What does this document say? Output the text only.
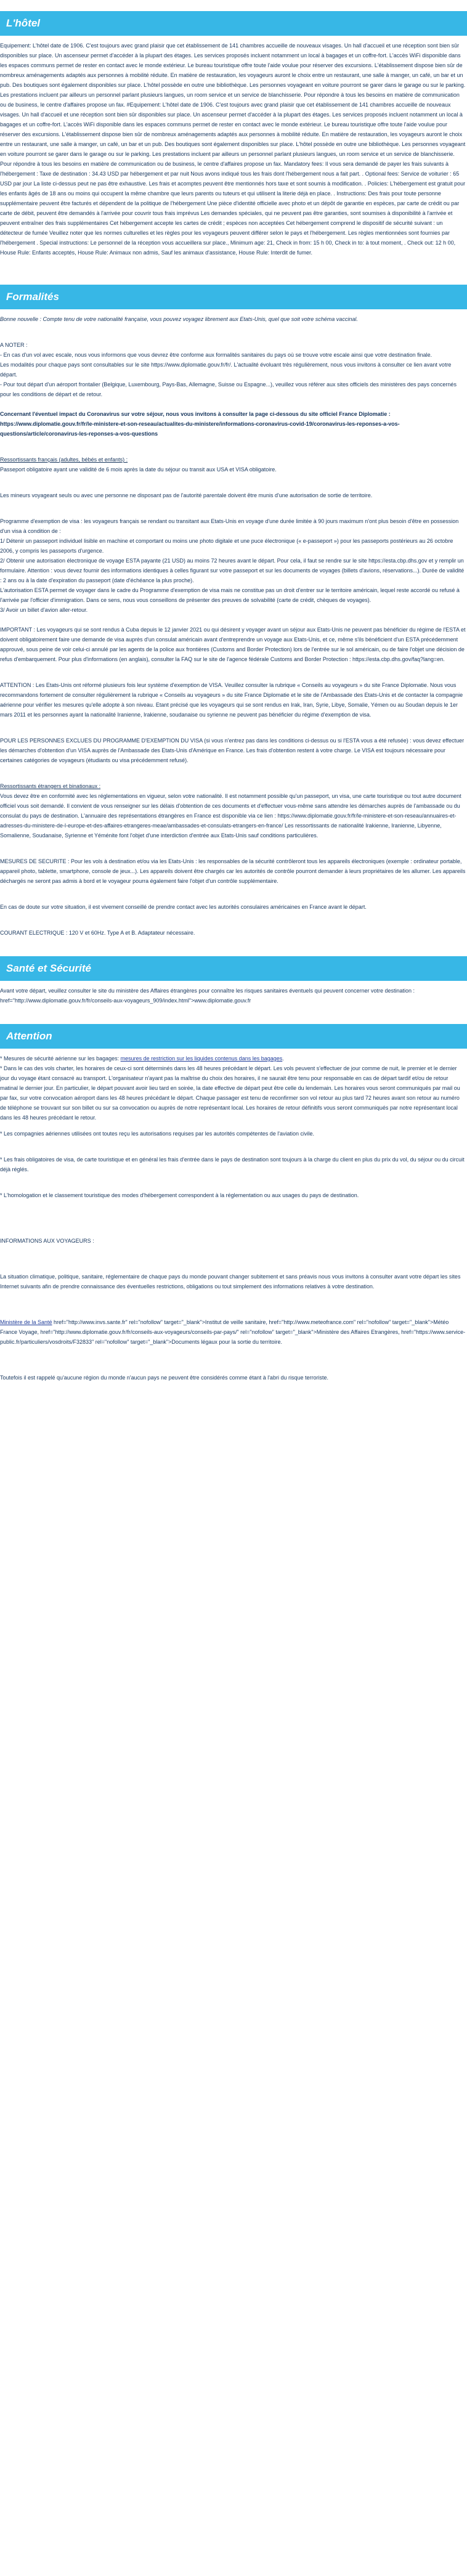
L'hôtel

Equipement: L'hôtel date de 1906. C'est toujours avec grand plaisir que cet établissement de 141 chambres accueille de nouveaux visages. Un hall d'accueil et une réception sont bien sûr disponibles sur place. Un ascenseur permet d'accéder à la plupart des étages. Les services proposés incluent notamment un local à bagages et un coffre-fort. L'accès WiFi disponible dans les espaces communs permet de rester en contact avec le monde extérieur. Le bureau touristique offre toute l'aide voulue pour réserver des excursions. L'établissement dispose bien sûr de nombreux aménagements adaptés aux personnes à mobilité réduite. En matière de restauration, les voyageurs auront le choix entre un restaurant, une salle à manger, un café, un bar et un pub. Des boutiques sont également disponibles sur place. L'hôtel possède en outre une bibliothèque. Les personnes voyageant en voiture pourront se garer dans le garage ou sur le parking. Les prestations incluent par ailleurs un personnel parlant plusieurs langues, un room service et un service de blanchisserie. Pour répondre à tous les besoins en matière de communication ou de business, le centre d'affaires propose un fax. #Equipement: L'hôtel date de 1906. C'est toujours avec grand plaisir que cet établissement de 141 chambres accueille de nouveaux visages. Un hall d'accueil et une réception sont bien sûr disponibles sur place. Un ascenseur permet d'accéder à la plupart des étages. Les services proposés incluent notamment un local à bagages et un coffre-fort. L'accès WiFi disponible dans les espaces communs permet de rester en contact avec le monde extérieur. Le bureau touristique offre toute l'aide voulue pour réserver des excursions. L'établissement dispose bien sûr de nombreux aménagements adaptés aux personnes à mobilité réduite. En matière de restauration, les voyageurs auront le choix entre un restaurant, une salle à manger, un café, un bar et un pub. Des boutiques sont également disponibles sur place. L'hôtel possède en outre une bibliothèque. Les personnes voyageant en voiture pourront se garer dans le garage ou sur le parking. Les prestations incluent par ailleurs un personnel parlant plusieurs langues, un room service et un service de blanchisserie. Pour répondre à tous les besoins en matière de communication ou de business, le centre d'affaires propose un fax. Mandatory fees: Il vous sera demandé de payer les frais suivants à l'hébergement : Taxe de destination : 34.43 USD par hébergement et par nuit Nous avons indiqué tous les frais dont l'hébergement nous a fait part. . Optional fees: Service de voiturier : 65 USD par jour La liste ci-dessus peut ne pas être exhaustive. Les frais et acomptes peuvent être mentionnés hors taxe et sont soumis à modification. . Policies: L'hébergement est gratuit pour les enfants âgés de 18 ans ou moins qui occupent la même chambre que leurs parents ou tuteurs et qui utilisent la literie déjà en place. . Instructions: Des frais pour toute personne supplémentaire peuvent être facturés et dépendent de la politique de l'hébergement Une pièce d'identité officielle avec photo et un dépôt de garantie en espèces, par carte de crédit ou par carte de débit, peuvent être demandés à l'arrivée pour couvrir tous frais imprévus Les demandes spéciales, qui ne peuvent pas être garanties, sont soumises à disponibilité à l'arrivée et peuvent entraîner des frais supplémentaires Cet hébergement accepte les cartes de crédit ; espèces non acceptées Cet hébergement comprend le dispositif de sécurité suivant : un détecteur de fumée Veuillez noter que les normes culturelles et les règles pour les voyageurs peuvent différer selon le pays et l'hébergement. Les règles mentionnées sont fournies par l'hébergement . Special instructions: Le personnel de la réception vous accueillera sur place., Minimum age: 21, Check in from: 15 h 00, Check in to: à tout moment, . Check out: 12 h 00, House Rule: Enfants acceptés, House Rule: Animaux non admis, Sauf les animaux d'assistance, House Rule: Interdit de fumer.

Formalités

Bonne nouvelle : Compte tenu de votre nationalité française, vous pouvez voyagez librement aux Etats-Unis, quel que soit votre schéma vaccinal.

A NOTER :
- En cas d'un vol avec escale, nous vous informons que vous devrez être conforme aux formalités sanitaires du pays où se trouve votre escale ainsi que votre destination finale.
Les modalités pour chaque pays sont consultables sur le site https://www.diplomatie.gouv.fr/fr/. L'actualité évoluant très régulièrement, nous vous invitons à consulter ce lien avant votre départ.
- Pour tout départ d'un aéroport frontalier (Belgique, Luxembourg, Pays-Bas, Allemagne, Suisse ou Espagne...), veuillez vous référer aux sites officiels des ministères des pays concernés pour les conditions de départ et de retour.

Concernant l'éventuel impact du Coronavirus sur votre séjour, nous vous invitons à consulter la page ci-dessous du site officiel France Diplomatie : https://www.diplomatie.gouv.fr/fr/le-ministere-et-son-reseau/actualites-du-ministere/informations-coronavirus-covid-19/coronavirus-les-reponses-a-vos-questions/article/coronavirus-les-reponses-a-vos-questions

Ressortissants français (adultes, bébés et enfants) :

Passeport obligatoire ayant une validité de 6 mois après la date du séjour ou transit aux USA et VISA obligatoire.

Les mineurs voyageant seuls ou avec une personne ne disposant pas de l'autorité parentale doivent être munis d'une autorisation de sortie de territoire.

Programme d'exemption de visa : les voyageurs français se rendant ou transitant aux Etats-Unis en voyage d'une durée limitée à 90 jours maximum n'ont plus besoin d'être en possession d'un visa à condition de :
1/ Détenir un passeport individuel lisible en machine et comportant ou moins une photo digitale et une puce électronique (« e-passeport ») pour les passeports postérieurs au 26 octobre 2006, y compris les passeports d'urgence.
2/ Obtenir une autorisation électronique de voyage ESTA payante (21 USD) au moins 72 heures avant le départ. Pour cela, il faut se rendre sur le site https://esta.cbp.dhs.gov et y remplir un formulaire. Attention : vous devez fournir des informations identiques à celles figurant sur votre passeport et sur les documents de voyages (billets d'avions, réservations...). Durée de validité : 2 ans ou à la date d'expiration du passeport (date d'échéance la plus proche).
L'autorisation ESTA permet de voyager dans le cadre du Programme d'exemption de visa mais ne constitue pas un droit d'entrer sur le territoire américain, lequel reste accordé ou refusé à l'arrivée par l'officier d'immigration. Dans ce sens, nous vous conseillons de présenter des preuves de solvabilité (carte de crédit, chèques de voyages).
3/ Avoir un billet d'avion aller-retour.

IMPORTANT : Les voyageurs qui se sont rendus à Cuba depuis le 12 janvier 2021 ou qui désirent y voyager avant un séjour aux Etats-Unis ne peuvent pas bénéficier du régime de l'ESTA et doivent obligatoirement faire une demande de visa auprès d'un consulat américain avant d'entreprendre un voyage aux Etats-Unis, et ce, même s'ils bénéficient d'un ESTA précédemment approuvé, sous peine de voir celui-ci annulé par les agents de la police aux frontières (Customs and Border Protection) lors de l'entrée sur le sol américain, ou de faire l'objet une décision de refus d'embarquement. Pour plus d'informations (en anglais), consulter la FAQ sur le site de l'agence fédérale Customs and Border Protection : https://esta.cbp.dhs.gov/faq?lang=en.

ATTENTION : Les Etats-Unis ont réformé plusieurs fois leur système d'exemption de VISA. Veuillez consulter la rubrique « Conseils au voyageurs » du site France Diplomatie. Nous vous recommandons fortement de consulter régulièrement la rubrique « Conseils au voyageurs » du site France Diplomatie et le site de l'Ambassade des Etats-Unis et de contacter la compagnie aérienne pour vérifier les mesures qu'elle adopte à son niveau. Etant précisé que les voyageurs qui se sont rendus en Irak, Iran, Syrie, Libye, Somalie, Yémen ou au Soudan depuis le 1er mars 2011 et les personnes ayant la nationalité Iranienne, Irakienne, soudanaise ou syrienne ne peuvent pas bénéficier du régime d'exemption de visa.

POUR LES PERSONNES EXCLUES DU PROGRAMME D'EXEMPTION DU VISA (si vous n'entrez pas dans les conditions ci-dessus ou si l'ESTA vous a été refusée) : vous devez effectuer les démarches d'obtention d'un VISA auprès de l'Ambassade des Etats-Unis d'Amérique en France. Les frais d'obtention restent à votre charge. Le VISA est toujours nécessaire pour certaines catégories de voyageurs (étudiants ou visa précédemment refusé).

Ressortissants étrangers et binationaux :

Vous devez être en conformité avec les réglementations en vigueur, selon votre nationalité. Il est notamment possible qu'un passeport, un visa, une carte touristique ou tout autre document officiel vous soit demandé. Il convient de vous renseigner sur les délais d'obtention de ces documents et d'effectuer vous-même sans attendre les démarches auprès de l'ambassade ou du consulat du pays de destination. L'annuaire des représentations étrangères en France est disponible via ce lien : https://www.diplomatie.gouv.fr/fr/le-ministere-et-son-reseau/annuaires-et-adresses-du-ministere-de-l-europe-et-des-affaires-etrangeres-meae/ambassades-et-consulats-etrangers-en-france/ Les ressortissants de nationalité Irakienne, Iranienne, Libyenne, Somalienne, Soudanaise, Syrienne et Yéménite font l'objet d'une interdiction d'entrée aux Etats-Unis sauf conditions particulières.

MESURES DE SECURITE : Pour les vols à destination et/ou via les Etats-Unis : les responsables de la sécurité contrôleront tous les appareils électroniques (exemple : ordinateur portable, appareil photo, tablette, smartphone, console de jeux...). Les appareils doivent être chargés car les autorités de contrôle pourront demander à leurs propriétaires de les allumer. Les appareils déchargés ne seront pas admis à bord et le voyageur pourra également faire l'objet d'un contrôle supplémentaire.

En cas de doute sur votre situation, il est vivement conseillé de prendre contact avec les autorités consulaires américaines en France avant le départ.

COURANT ELECTRIQUE : 120 V et 60Hz. Type A et B. Adaptateur nécessaire.

Santé et Sécurité

Avant votre départ, veuillez consulter le site du ministère des Affaires étrangères pour connaître les risques sanitaires éventuels qui peuvent concerner votre destination : href="http://www.diplomatie.gouv.fr/fr/conseils-aux-voyageurs_909/index.html">www.diplomatie.gouv.fr

Attention
* Mesures de sécurité aérienne sur les bagages: mesures de restriction sur les liquides contenus dans les bagages.

* Dans le cas des vols charter, les horaires de ceux-ci sont déterminés dans les 48 heures précédant le départ. Les vols peuvent s'effectuer de jour comme de nuit, le premier et le dernier jour du voyage étant consacré au transport. L'organisateur n'ayant pas la maîtrise du choix des horaires, il ne saurait être tenu pour responsable en cas de départ tardif et/ou de retour matinal le dernier jour. En particulier, le départ pouvant avoir lieu tard en soirée, la date effective de départ peut être celle du lendemain. Les horaires vous seront communiqués par mail ou par fax, sur votre convocation aéroport dans les 48 heures précédant le départ. Chaque passager est tenu de reconfirmer son vol retour au plus tard 72 heures avant son retour au numéro de téléphone se trouvant sur son billet ou sur sa convocation ou auprès de notre représentant local. Les horaires de retour définitifs vous seront communiqués par notre représentant local dans les 48 heures précédant le retour.

* Les compagnies aériennes utilisées ont toutes reçu les autorisations requises par les autorités compétentes de l'aviation civile.

* Les frais obligatoires de visa, de carte touristique et en général les frais d'entrée dans le pays de destination sont toujours à la charge du client en plus du prix du vol, du séjour ou du circuit déjà réglés.

* L'homologation et le classement touristique des modes d'hébergement correspondent à la réglementation ou aux usages du pays de destination.

INFORMATIONS AUX VOYAGEURS :

La situation climatique, politique, sanitaire, réglementaire de chaque pays du monde pouvant changer subitement et sans préavis nous vous invitons à consulter avant votre départ les sites Internet suivants afin de prendre connaissance des éventuelles restrictions, obligations ou tout simplement des informations relatives à votre destination.

Ministère de la Santé href="http://www.invs.sante.fr" rel="nofollow" target="_blank">Institut de veille sanitaire, href="http://www.meteofrance.com" rel="nofollow" target="_blank">Météo France Voyage, href="http://www.diplomatie.gouv.fr/fr/conseils-aux-voyageurs/conseils-par-pays/" rel="nofollow" target="_blank">Ministère des Affaires Etrangères, href="https://www.service-public.fr/particuliers/vosdroits/F32833" rel="nofollow" target="_blank">Documents légaux pour la sortie du territoire.

Toutefois il est rappelé qu'aucune région du monde n'aucun pays ne peuvent être considérés comme étant à l'abri du risque terroriste.
